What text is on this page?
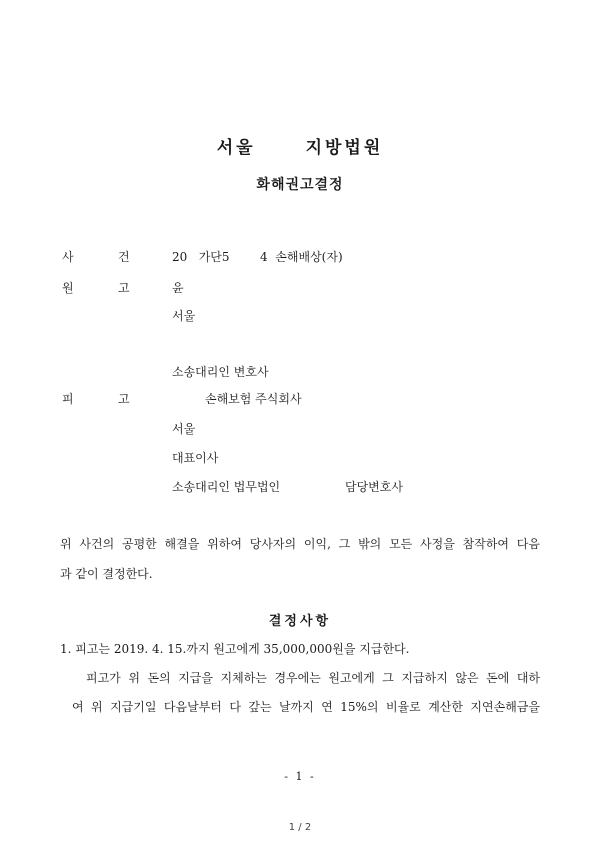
서울	지방법원
화해권고결정
사	건	20   가단5        4  손해배상(자)
원	고	윤
서울
소송대리인 변호사
피	고	손해보험 주식회사
서울
대표이사
소송대리인 법무법인	담당변호사
위 사건의 공평한 해결을 위하여 당사자의 이익, 그 밖의 모든 사정을 참작하여 다음
과 같이 결정한다.
결정사항
1. 피고는 2019. 4. 15.까지 원고에게 35,000,000원을 지급한다.
피고가 위 돈의 지급을 지체하는 경우에는 원고에게 그 지급하지 않은 돈에 대하
여 위 지급기일 다음날부터 다 갚는 날까지 연 15%의 비율로 계산한 지연손해금을
- 1 -
1 / 2
